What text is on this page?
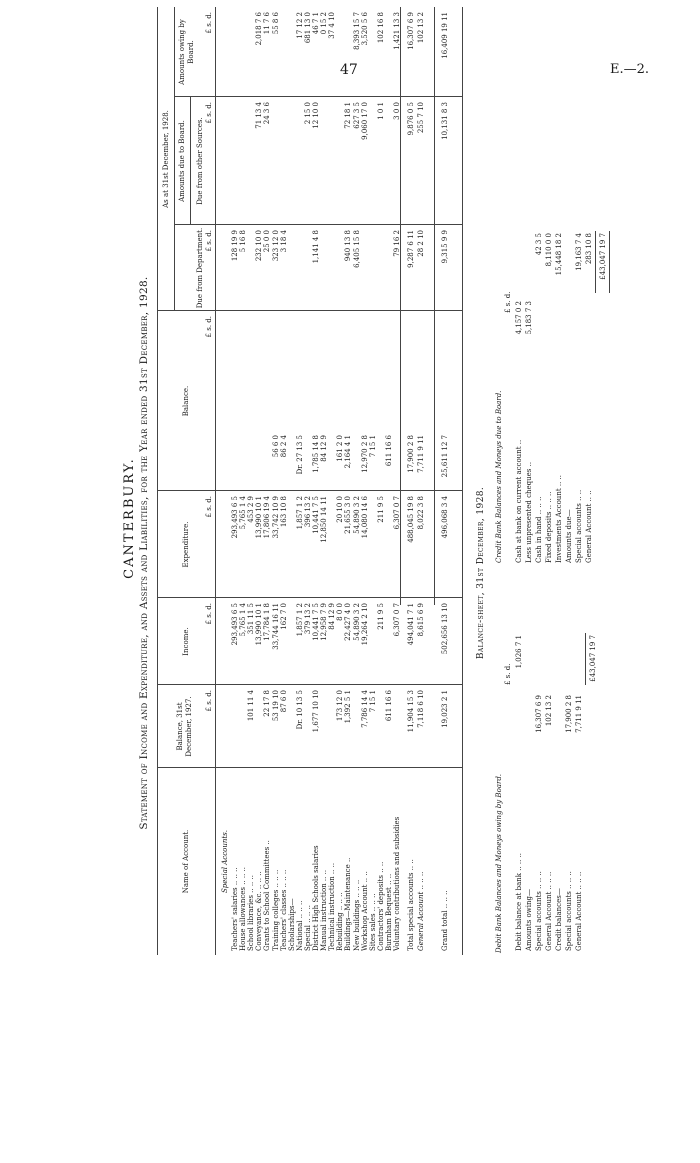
47	E.—2.
CANTERBURY. Statement of Income and Expenditure, and Assets and Liabilities, for the Year ended 31st December, 1928.
Name of Account.
Balance, 31st December, 1927.
Income.
Expenditure.
Balance.
As at 31st December, 1928. Amounts due to Board.
Due from Department.
Due from other Sources.
Amounts owing by Board.
£ s. d.
£ s. d.
£ s. d.
£ s. d.
£ s. d.
£ s. d.
£ s. d.
Special Accounts.
Teachers' salaries .. .. ..
293,493 6 5
293,493 6 5
128 19 9
House allowances .. .. ..
5,765 1 4
5,765 1 4
5 16 8
School libraries .. .. ..
101 11 4
351 11 5
453 2 9
Conveyance, &c. .. .. ..
13,990 10 1
13,990 10 1
232 10 0
71 13 4
2,018 7 6
Grants to School Committees ..
22 17 8
17,784 1 8
17,806 19 4
25 0 0
24 3 6
11 7 6
Training colleges .. .. ..
53 19 10
33,744 16 11
33,742 10 9
56 6 0
323 12 0
55 8 6
Teachers' classes .. .. ..
87 6 0
162 7 0
163 10 8
86 2 4
3 18 4
Scholarships— National .. .. ..
Dr. 10 13 5
1,857 1 2
1,857 1 2
Dr. 27 13 5
17 12 2
Special .. .. ..
379 13 2
396 13 2
2 15 0
681 13 0
District High Schools salaries
1,677 10 10
10,441 7 5
10,441 7 5
1,785 14 8
1,141 4 8
12 10 0
46 7 1
Manual instruction .. ..
12,958 7 9
12,850 14 11
84 12 9
0 15 2
Technical instruction .. ..
84 12 9
37 4 10
Rebuilding .. .. ..
173 12 0
8 0 0
20 10 0
161 2 0
Buildings—Maintenance ..
1,392 5 1
22,427 4 0
21,655 3 0
2,164 4 1
940 13 8
72 18 1
New buildings .. .. ..
54,890 3 2
54,890 3 2
6,405 15 8
627 3 5
8,393 15 7
Workshop Account .. ..
7,786 14 4
19,264 2 10
14,080 14 6
12,970 2 8
9,060 17 0
3,520 5 6
Sites sales .. .. ..
7 15 1
7 15 1
Contractors' deposits .. ..
211 9 5
211 9 5
1 0 1
102 16 8
Burnham Bequest .. ..
611 16 6
611 16 6
Voluntary contributions and subsidies
6,307 0 7
6,307 0 7
79 16 2
3 0 0
1,421 13 3
Total special accounts .. ..
11,904 15 3
494,041 7 1
488,045 19 8
17,900 2 8
9,287 6 11
9,876 0 5
16,307 6 9
General Account .. .. ..
7,118 6 10
8,615 6 9
8,022 3 8
7,711 9 11
28 2 10
255 7 10
102 13 2
Grand total .. .. ..
19,023 2 1
502,656 13 10
496,068 3 4
25,611 12 7
9,315 9 9
10,131 8 3
16,409 19 11
Balance-sheet, 31st December, 1928.
Debit Bank Balances and Moneys owing by Board.
Credit Bank Balances and Moneys due to Board.
£ s. d.
£ s. d.
Debit balance at bank .. .. ..
1,026 7 1
Amounts owing— Special accounts .. .. ..
16,307 6 9
General Account .. .. ..
102 13 2
Credit balances— Special accounts .. .. ..
17,900 2 8
General Account .. .. ..
7,711 9 11
£43,047 19 7
Cash at bank on current account ..
4,157 0 2
Less unpresented cheques ..
5,183 7 3
Cash in hand .. .. ..
42 3 5
Fixed deposits .. .. ..
8,110 0 0
Investments Account .. ..
15,448 18 2
Amounts due— Special accounts .. ..
19,163 7 4
General Account .. ..
283 10 8 £43,047 19 7
